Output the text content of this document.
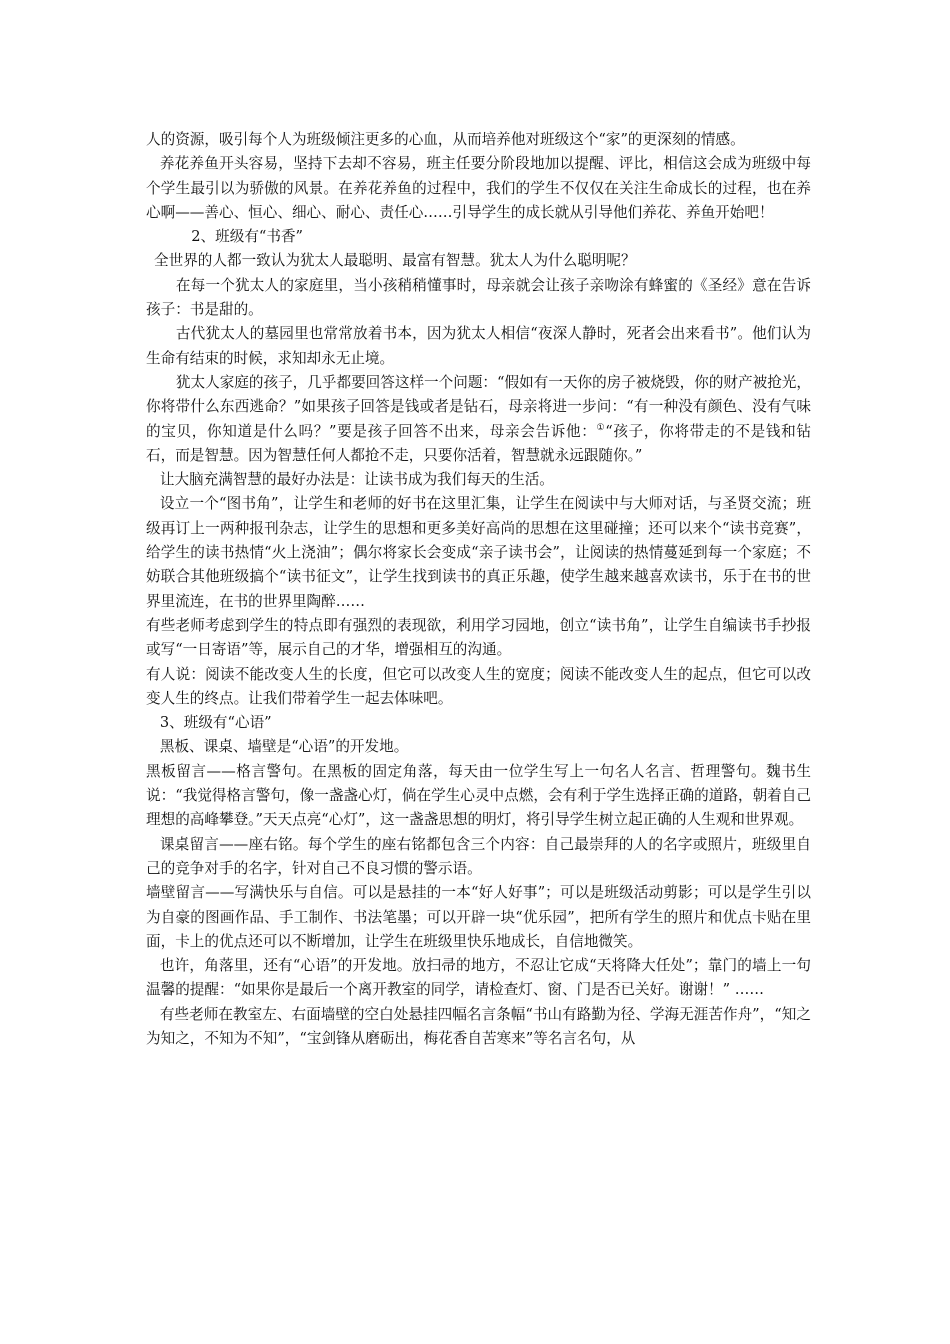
人的资源，吸引每个人为班级倾注更多的心血，从而培养他对班级这个“家”的更深刻的情感。

养花养鱼开头容易，坚持下去却不容易，班主任要分阶段地加以提醒、评比，相信这会成为班级中每个学生最引以为骄傲的风景。在养花养鱼的过程中，我们的学生不仅仅在关注生命成长的过程，也在养心啊——善心、恒心、细心、耐心、责任心……引导学生的成长就从引导他们养花、养鱼开始吧！

2、班级有“书香”

全世界的人都一致认为犹太人最聪明、最富有智慧。犹太人为什么聪明呢？

在每一个犹太人的家庭里，当小孩稍稍懂事时，母亲就会让孩子亲吻涂有蜂蜜的《圣经》意在告诉孩子：书是甜的。

古代犹太人的墓园里也常常放着书本，因为犹太人相信“夜深人静时，死者会出来看书”。他们认为生命有结束的时候，求知却永无止境。

犹太人家庭的孩子，几乎都要回答这样一个问题：“假如有一天你的房子被烧毁，你的财产被抢光，你将带什么东西逃命？”如果孩子回答是钱或者是钻石，母亲将进一步问：“有一种没有颜色、没有气味的宝贝，你知道是什么吗？”要是孩子回答不出来，母亲会告诉他：①“孩子，你将带走的不是钱和钻石，而是智慧。因为智慧任何人都抢不走，只要你活着，智慧就永远跟随你。”

让大脑充满智慧的最好办法是：让读书成为我们每天的生活。

设立一个“图书角”，让学生和老师的好书在这里汇集，让学生在阅读中与大师对话，与圣贤交流；班级再订上一两种报刊杂志，让学生的思想和更多美好高尚的思想在这里碰撞；还可以来个“读书竞赛”，给学生的读书热情“火上浇油”；偶尔将家长会变成“亲子读书会”，让阅读的热情蔓延到每一个家庭；不妨联合其他班级搞个“读书征文”，让学生找到读书的真正乐趣，使学生越来越喜欢读书，乐于在书的世界里流连，在书的世界里陶醉……

有些老师考虑到学生的特点即有强烈的表现欲，利用学习园地，创立“读书角”，让学生自编读书手抄报或写“一日寄语”等，展示自己的才华，增强相互的沟通。

有人说：阅读不能改变人生的长度，但它可以改变人生的宽度；阅读不能改变人生的起点，但它可以改变人生的终点。让我们带着学生一起去体味吧。

3、班级有“心语”

黑板、课桌、墙壁是“心语”的开发地。

黑板留言——格言警句。在黑板的固定角落，每天由一位学生写上一句名人名言、哲理警句。魏书生说：“我觉得格言警句，像一盏盏心灯，倘在学生心灵中点燃，会有利于学生选择正确的道路，朝着自己理想的高峰攀登。”天天点亮“心灯”，这一盏盏思想的明灯，将引导学生树立起正确的人生观和世界观。

课桌留言——座右铭。每个学生的座右铭都包含三个内容：自己最崇拜的人的名字或照片，班级里自己的竞争对手的名字，针对自己不良习惯的警示语。

墙壁留言——写满快乐与自信。可以是悬挂的一本“好人好事”；可以是班级活动剪影；可以是学生引以为自豪的图画作品、手工制作、书法笔墨；可以开辟一块“优乐园”，把所有学生的照片和优点卡贴在里面，卡上的优点还可以不断增加，让学生在班级里快乐地成长，自信地微笑。

也许，角落里，还有“心语”的开发地。放扫帚的地方，不忍让它成“天将降大任处”；靠门的墙上一句温馨的提醒：“如果你是最后一个离开教室的同学，请检查灯、窗、门是否已关好。谢谢！” ……

有些老师在教室左、右面墙壁的空白处悬挂四幅名言条幅“书山有路勤为径、学海无涯苦作舟”，“知之为知之，不知为不知”，“宝剑锋从磨砺出，梅花香自苦寒来”等名言名句，从
